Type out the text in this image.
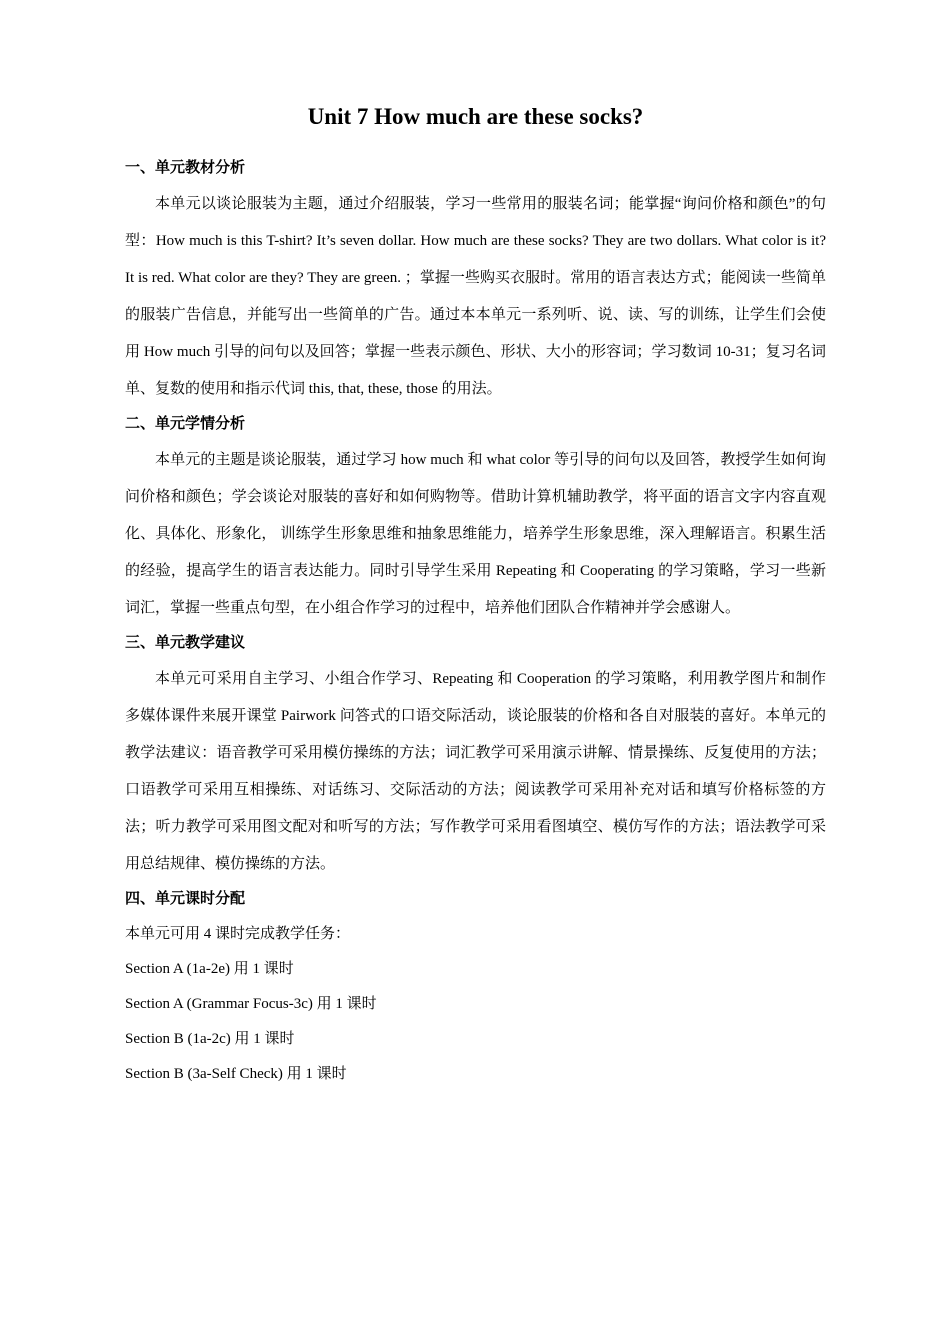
Unit 7 How much are these socks?
一、单元教材分析

本单元以谈论服装为主题，通过介绍服装，学习一些常用的服装名词；能掌握“询问价格和颜色”的句型：How much is this T-shirt? It’s seven dollar. How much are these socks? They are two dollars. What color is it? It is red. What color are they? They are green. ；掌握一些购买衣服时。常用的语言表达方式；能阅读一些简单的服装广告信息，并能写出一些简单的广告。通过本本单元一系列听、说、读、写的训练，让学生们会使用 How much 引导的问句以及回答；掌握一些表示颜色、形状、大小的形容词；学习数词 10-31；复习名词单、复数的使用和指示代词 this, that, these, those 的用法。

二、单元学情分析

本单元的主题是谈论服装，通过学习 how much 和 what color 等引导的问句以及回答，教授学生如何询问价格和颜色；学会谈论对服装的喜好和如何购物等。借助计算机辅助教学，将平面的语言文字内容直观化、具体化、形象化， 训练学生形象思维和抽象思维能力，培养学生形象思维，深入理解语言。积累生活的经验，提高学生的语言表达能力。同时引导学生采用 Repeating 和 Cooperating 的学习策略，学习一些新词汇，掌握一些重点句型，在小组合作学习的过程中，培养他们团队合作精神并学会感谢人。

三、单元教学建议

本单元可采用自主学习、小组合作学习、Repeating 和 Cooperation 的学习策略，利用教学图片和制作多媒体课件来展开课堂 Pairwork 问答式的口语交际活动，谈论服装的价格和各自对服装的喜好。本单元的教学法建议：语音教学可采用模仿操练的方法；词汇教学可采用演示讲解、情景操练、反复使用的方法；口语教学可采用互相操练、对话练习、交际活动的方法；阅读教学可采用补充对话和填写价格标签的方法；听力教学可采用图文配对和听写的方法；写作教学可采用看图填空、模仿写作的方法；语法教学可采用总结规律、模仿操练的方法。

四、单元课时分配

本单元可用 4 课时完成教学任务：

Section A (1a-2e) 用 1 课时

Section A (Grammar Focus-3c) 用 1 课时

Section B (1a-2c) 用 1 课时

Section B (3a-Self Check) 用 1 课时
